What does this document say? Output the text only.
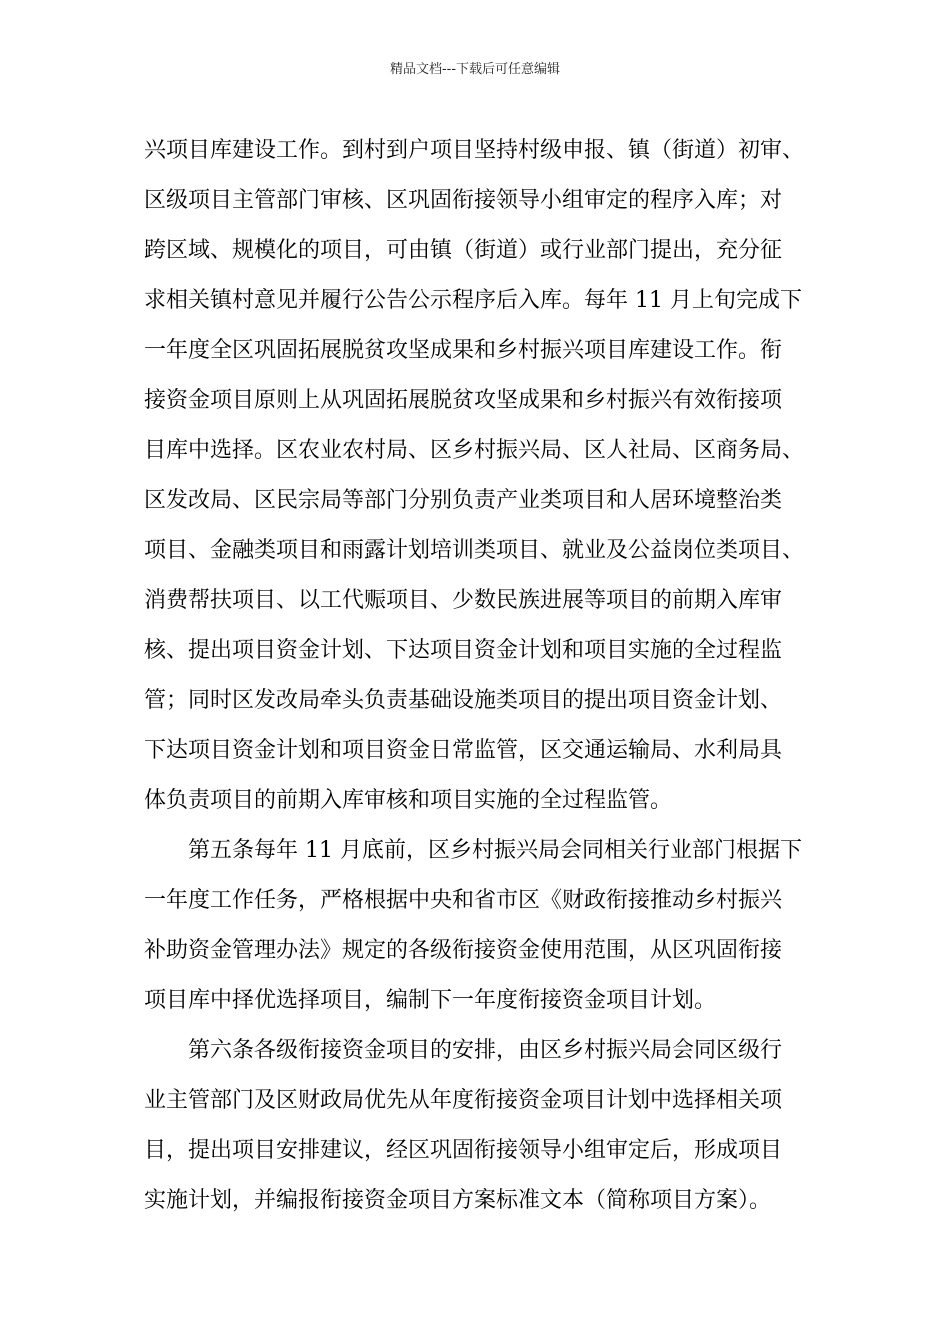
精品文档---下载后可任意编辑
兴项目库建设工作。到村到户项目坚持村级申报、镇（街道）初审、
区级项目主管部门审核、区巩固衔接领导小组审定的程序入库；对
跨区域、规模化的项目，可由镇（街道）或行业部门提出，充分征
求相关镇村意见并履行公告公示程序后入库。每年 11 月上旬完成下
一年度全区巩固拓展脱贫攻坚成果和乡村振兴项目库建设工作。衔
接资金项目原则上从巩固拓展脱贫攻坚成果和乡村振兴有效衔接项
目库中选择。区农业农村局、区乡村振兴局、区人社局、区商务局、
区发改局、区民宗局等部门分别负责产业类项目和人居环境整治类
项目、金融类项目和雨露计划培训类项目、就业及公益岗位类项目、
消费帮扶项目、以工代赈项目、少数民族进展等项目的前期入库审
核、提出项目资金计划、下达项目资金计划和项目实施的全过程监
管；同时区发改局牵头负责基础设施类项目的提出项目资金计划、
下达项目资金计划和项目资金日常监管，区交通运输局、水利局具
体负责项目的前期入库审核和项目实施的全过程监管。
第五条每年 11 月底前，区乡村振兴局会同相关行业部门根据下
一年度工作任务，严格根据中央和省市区《财政衔接推动乡村振兴
补助资金管理办法》规定的各级衔接资金使用范围，从区巩固衔接
项目库中择优选择项目，编制下一年度衔接资金项目计划。
第六条各级衔接资金项目的安排，由区乡村振兴局会同区级行
业主管部门及区财政局优先从年度衔接资金项目计划中选择相关项
目，提出项目安排建议，经区巩固衔接领导小组审定后，形成项目
实施计划，并编报衔接资金项目方案标准文本（简称项目方案）。
